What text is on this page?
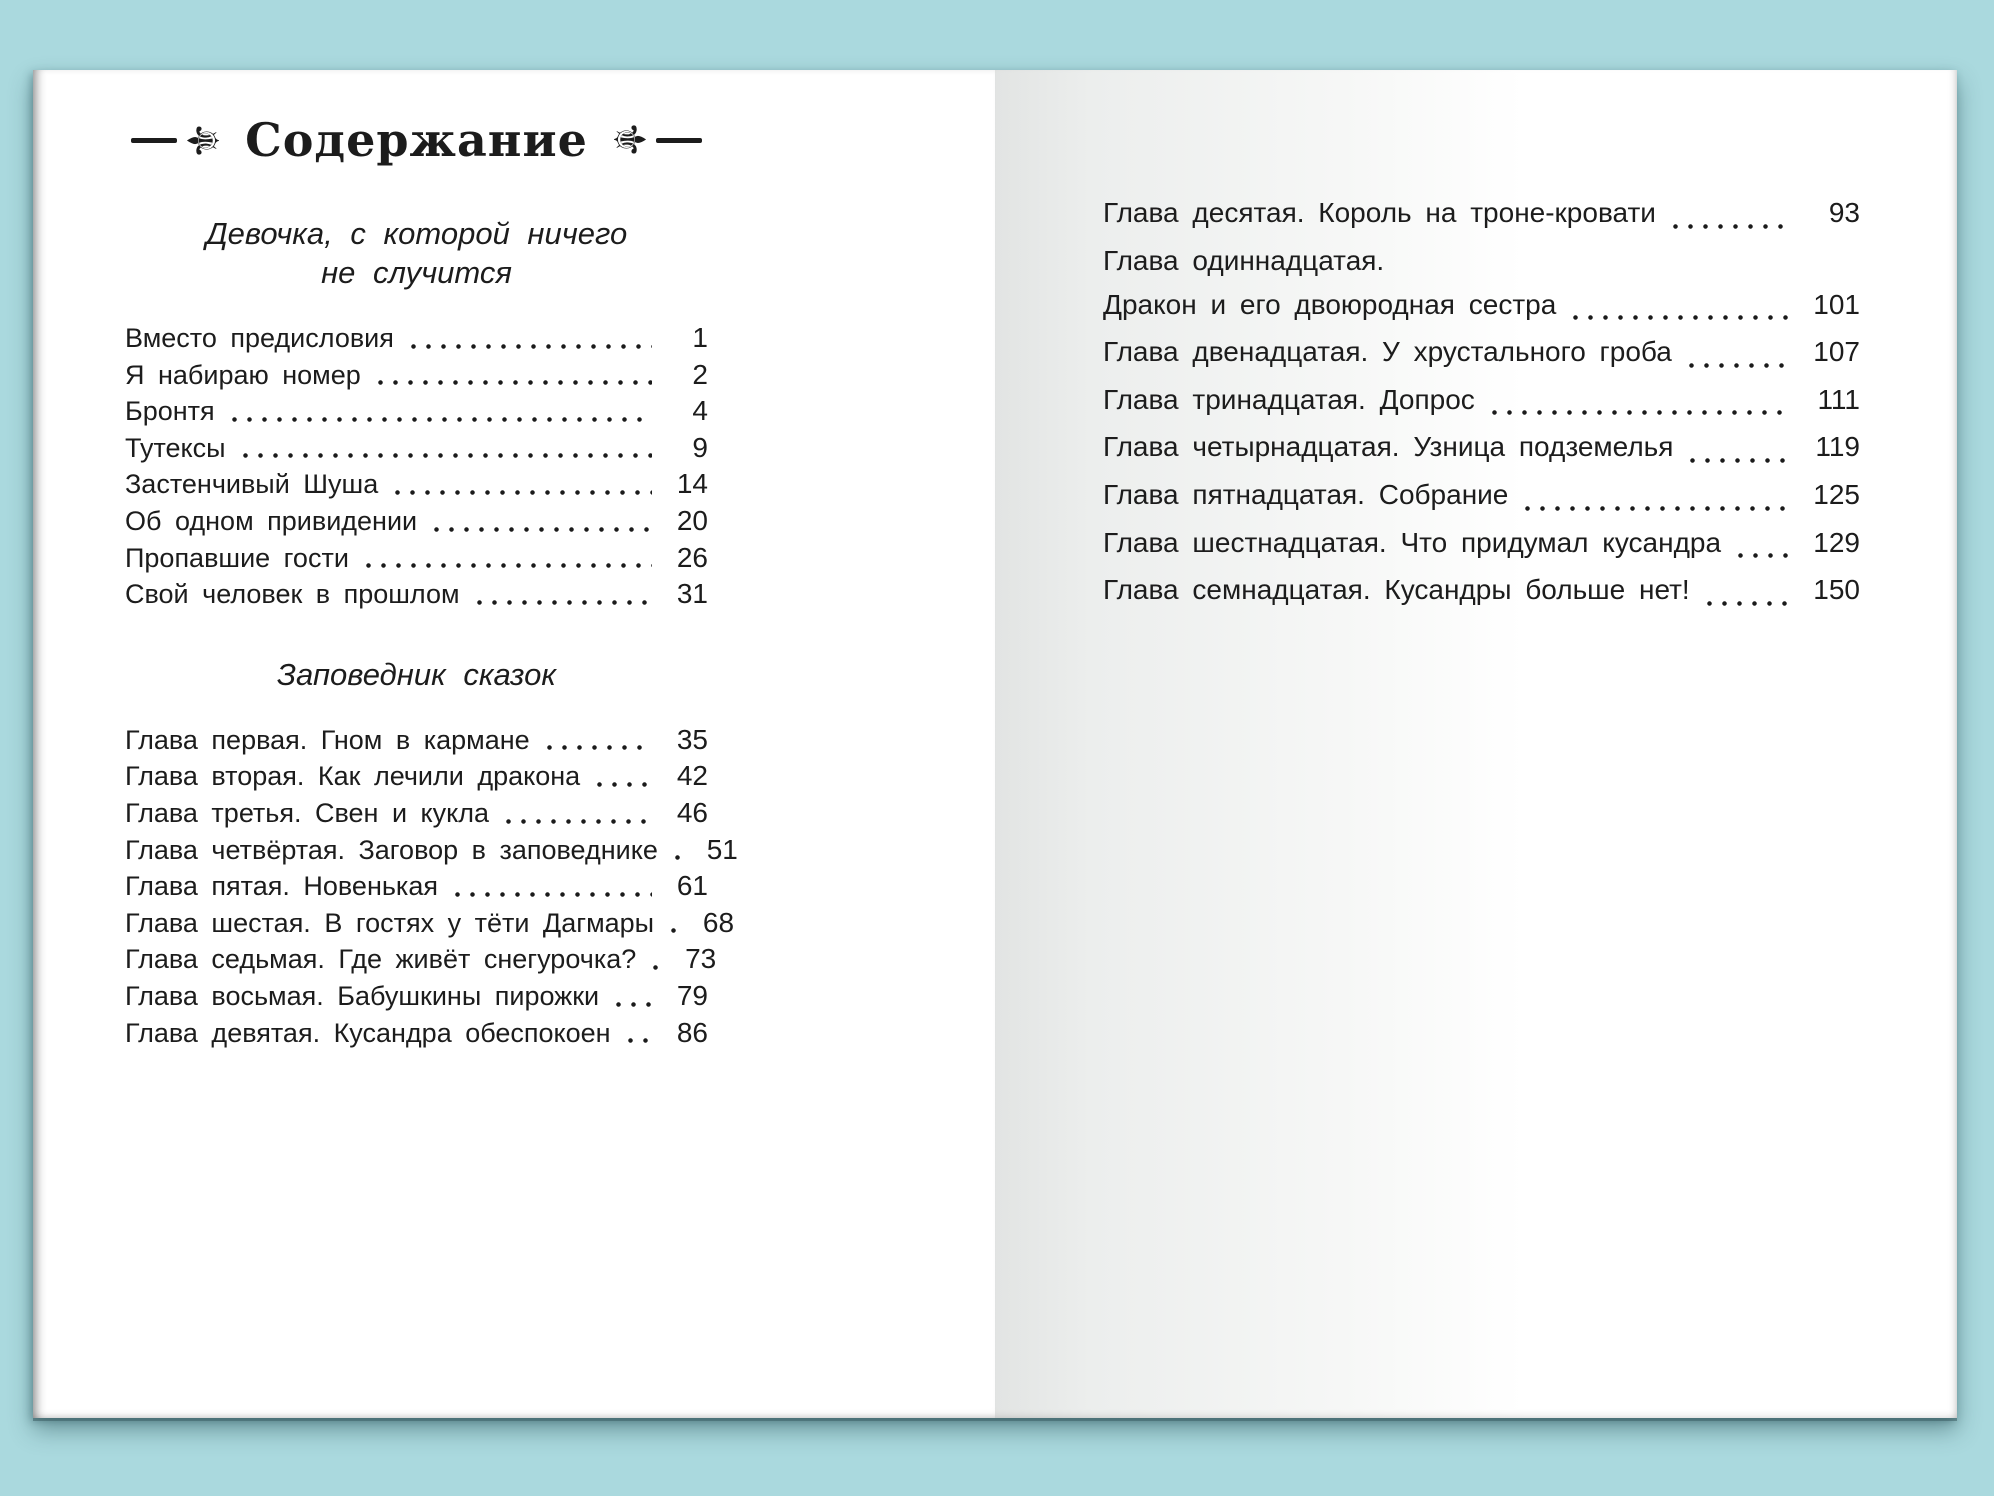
⚜ Содержание ⚜
Девочка, с которой ничего
не случится
Вместо предисловия	1
Я набираю номер	2
Бронтя	4
Тутексы	9
Застенчивый Шуша	14
Об одном привидении	20
Пропавшие гости	26
Свой человек в прошлом	31
Заповедник сказок
Глава первая. Гном в кармане	35
Глава вторая. Как лечили дракона	42
Глава третья. Свен и кукла	46
Глава четвёртая. Заговор в заповеднике	51
Глава пятая. Новенькая	61
Глава шестая. В гостях у тёти Дагмары	68
Глава седьмая. Где живёт снегурочка?	73
Глава восьмая. Бабушкины пирожки	79
Глава девятая. Кусандра обеспокоен	86
Глава десятая. Король на троне-кровати	93
Глава одиннадцатая.
Дракон и его двоюродная сестра	101
Глава двенадцатая. У хрустального гроба	107
Глава тринадцатая. Допрос	111
Глава четырнадцатая. Узница подземелья	119
Глава пятнадцатая. Собрание	125
Глава шестнадцатая. Что придумал кусандра	129
Глава семнадцатая. Кусандры больше нет!	150
